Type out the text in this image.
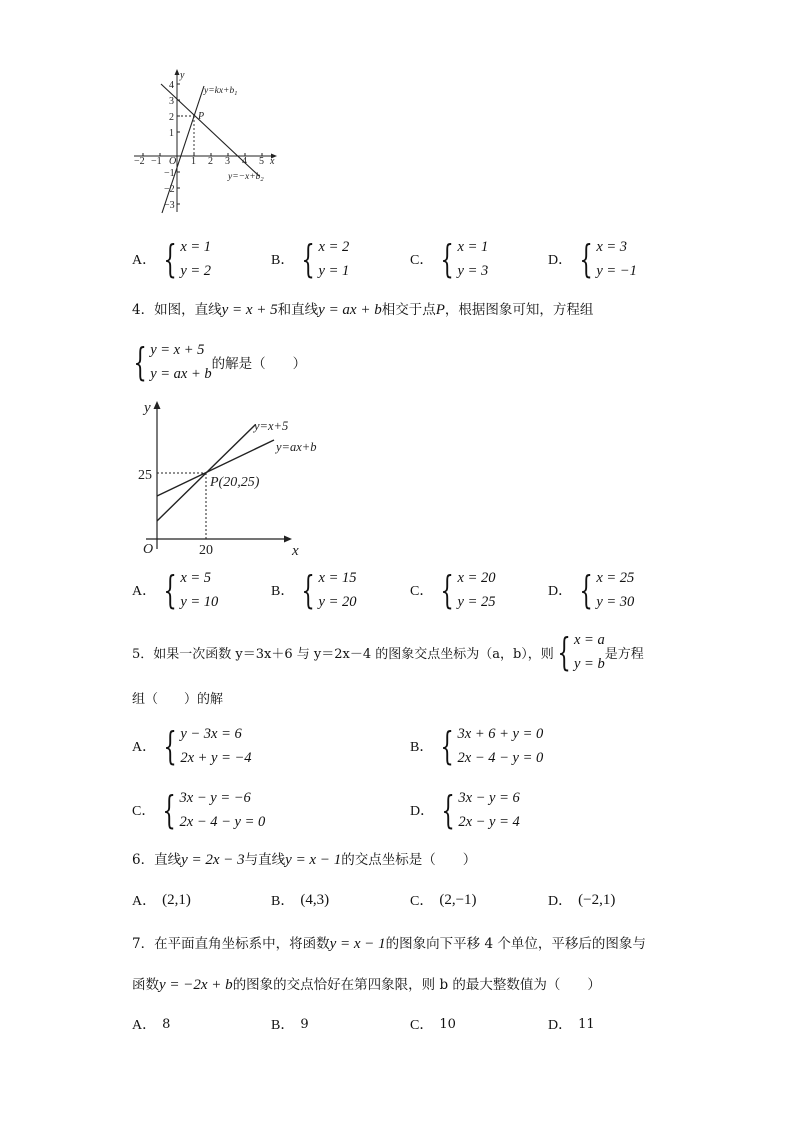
−2 −1	1 2 3 4 5
4
3
2
1
−1
−2
−3
O
y
x
P
$y=kx+b_1$
$y=-x+b_2$
A． { x = 1
y = 2
B． { x = 2
y = 1
C． { x = 1
y = 3
D． { x = 3
y = −1
4．如图，直线y = x + 5和直线y = ax + b相交于点P，根据图象可知，方程组
{ y = x + 5
y = ax + b
的解是（　　）
y
x
O	20
25	P(20,25)
y=x+5
y=ax+b
A． { x = 5
y = 10
B． { x = 15
y = 20
C． { x = 20
y = 25
D． { x = 25
y = 30
5．如果一次函数 y＝3x＋6 与 y＝2x－4 的图象交点坐标为（a，b），则 { x = a
y = b
是方程
组（　　）的解
A． { y − 3x = 6
2x + y = −4
B． { 3x + 6 + y = 0
2x − 4 − y = 0
C． { 3x − y = −6
2x − 4 − y = 0
D． { 3x − y = 6
2x − y = 4
6．直线y = 2x − 3与直线y = x − 1的交点坐标是（　　）
A． (2,1)	B． (4,3)	C． (2,−1)	D． (−2,1)
7．在平面直角坐标系中，将函数y = x − 1的图象向下平移 4 个单位，平移后的图象与
函数y = −2x + b的图象的交点恰好在第四象限，则 b 的最大整数值为（　　）
A． 8	B． 9	C． 10	D． 11
